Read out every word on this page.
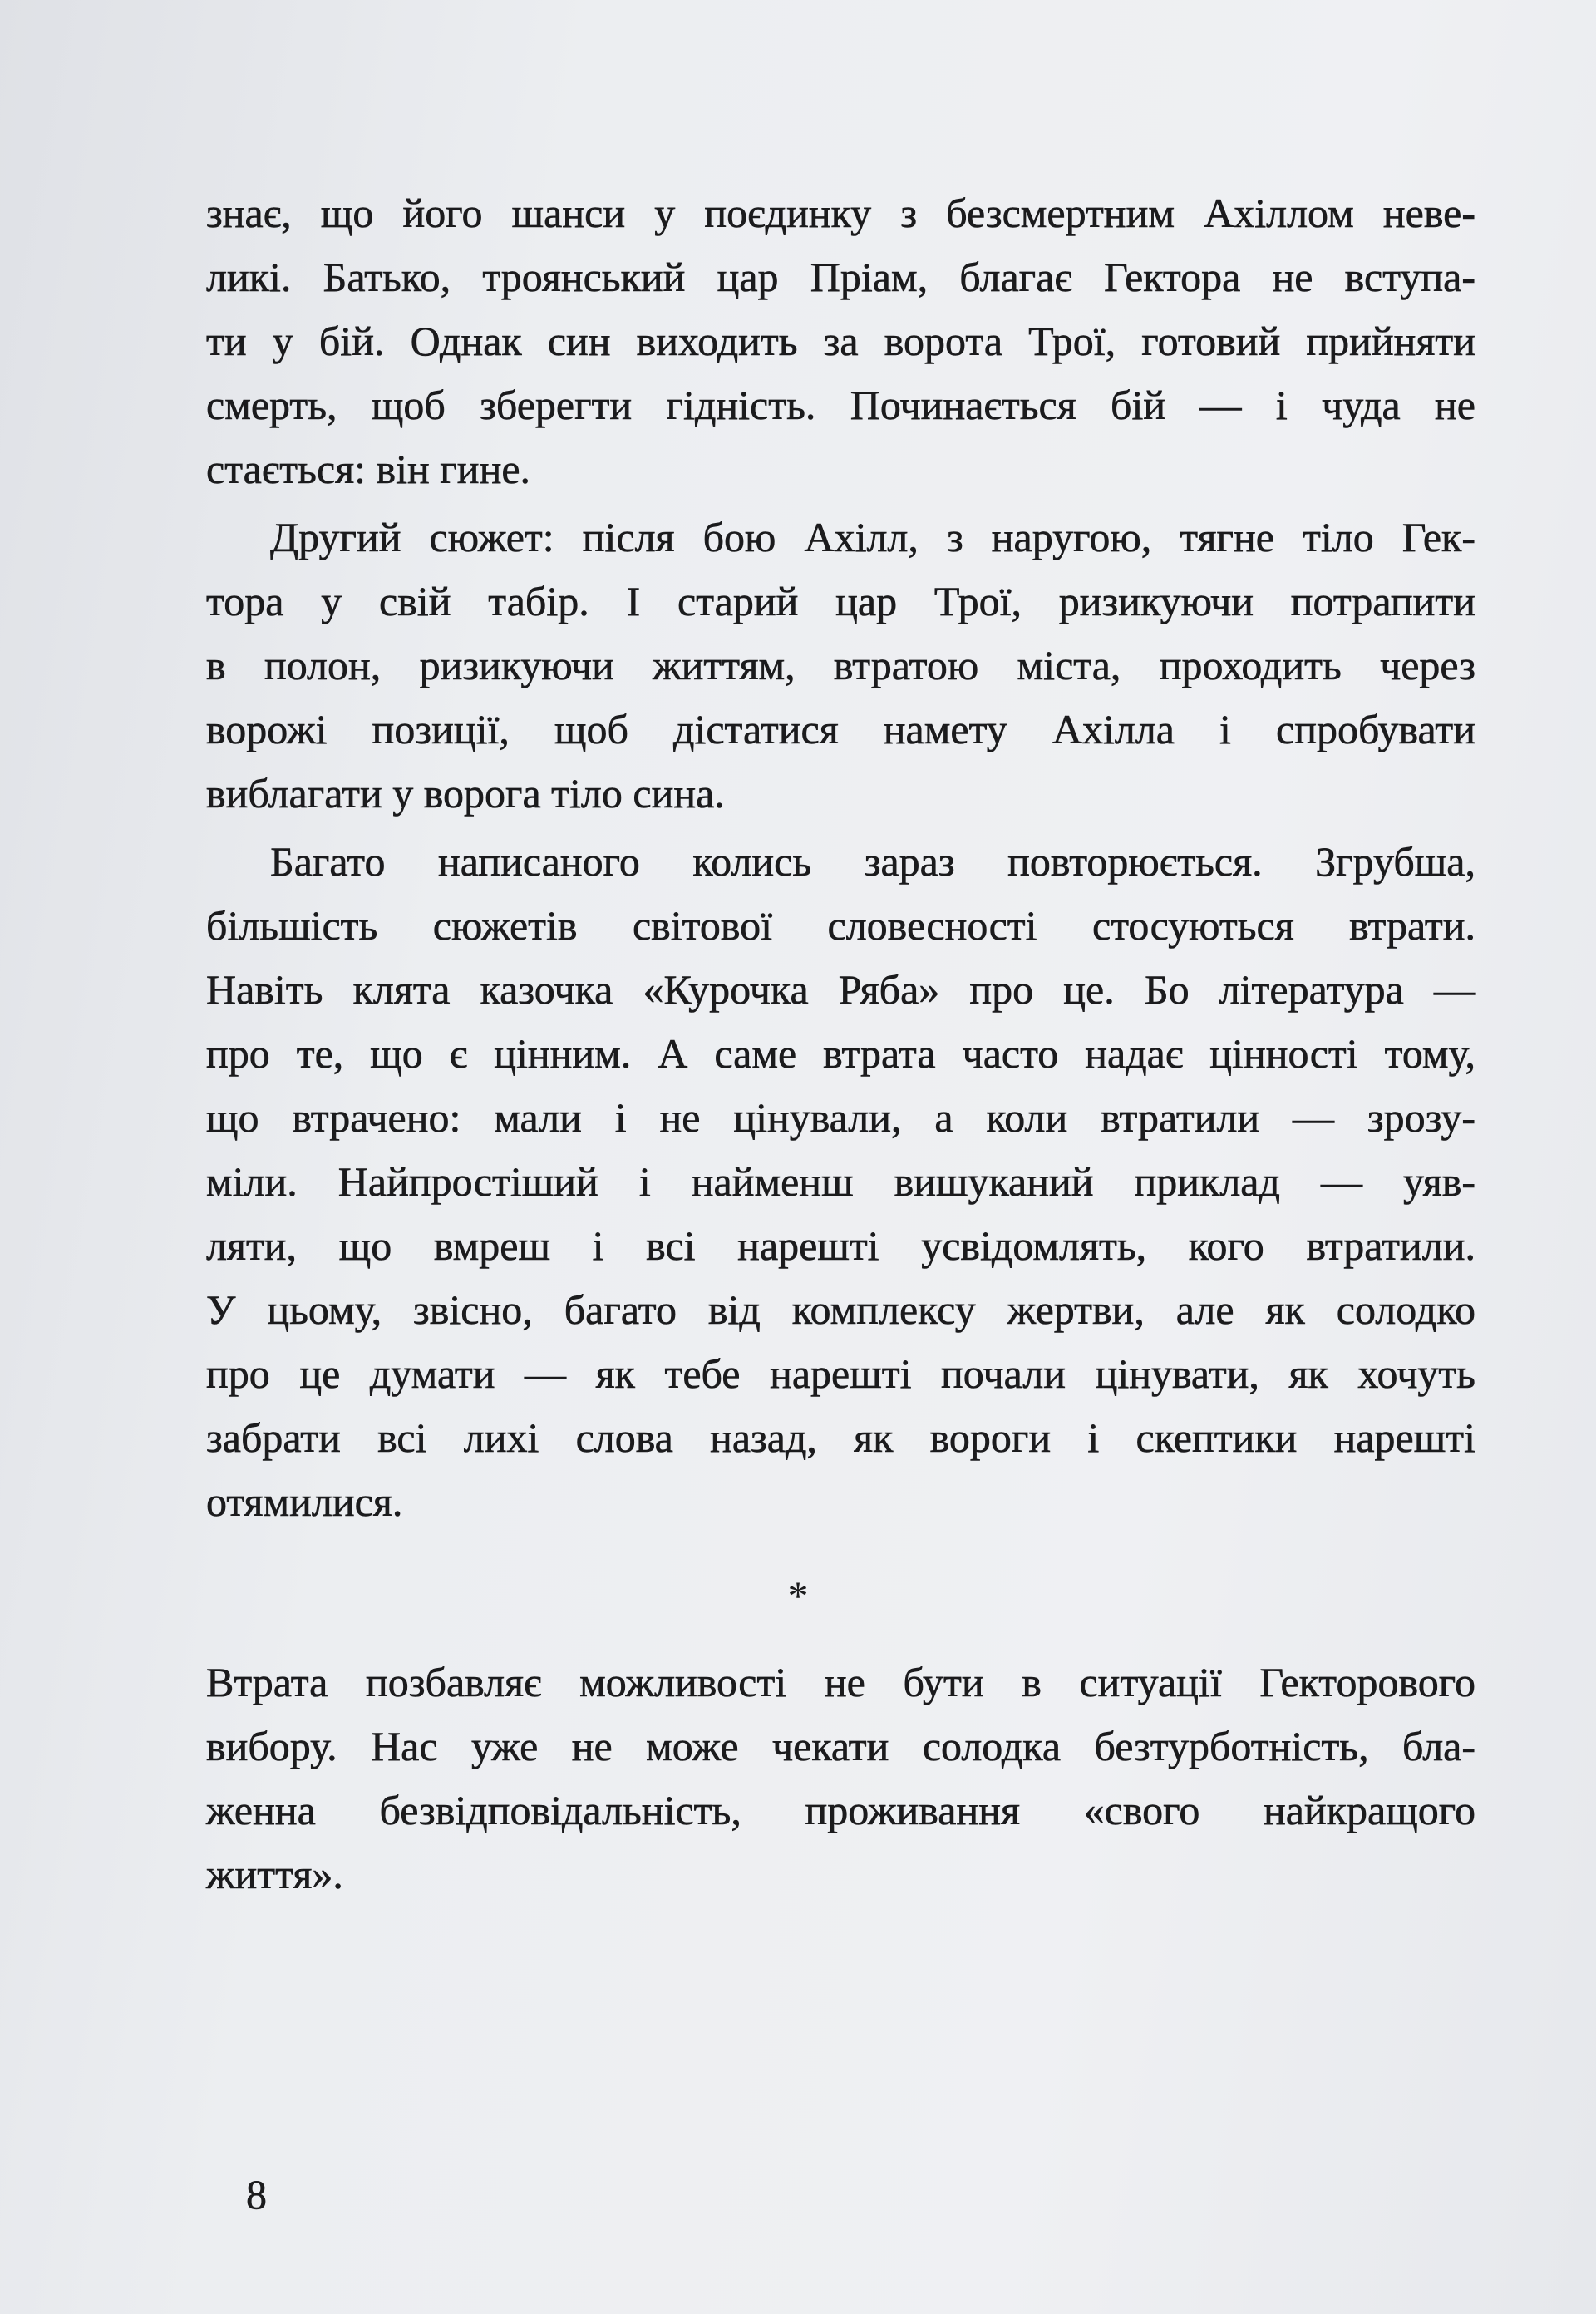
знає, що його шанси у поєдинку з безсмертним Ахіллом неве-
ликі. Батько, троянський цар Пріам, благає Гектора не вступа-
ти у бій. Однак син виходить за ворота Трої, готовий прийняти
смерть, щоб зберегти гідність. Починається бій — і чуда не
стається: він гине.
Другий сюжет: після бою Ахілл, з наругою, тягне тіло Гек-
тора у свій табір. І старий цар Трої, ризикуючи потрапити
в полон, ризикуючи життям, втратою міста, проходить через
ворожі позиції, щоб дістатися намету Ахілла і спробувати
виблагати у ворога тіло сина.
Багато написаного колись зараз повторюється. Згрубша,
більшість сюжетів світової словесності стосуються втрати.
Навіть клята казочка «Курочка Ряба» про це. Бо література —
про те, що є цінним. А саме втрата часто надає цінності тому,
що втрачено: мали і не цінували, а коли втратили — зрозу-
міли. Найпростіший і найменш вишуканий приклад — уяв-
ляти, що вмреш і всі нарешті усвідомлять, кого втратили.
У цьому, звісно, багато від комплексу жертви, але як солодко
про це думати — як тебе нарешті почали цінувати, як хочуть
забрати всі лихі слова назад, як вороги і скептики нарешті
отямилися.
*
Втрата позбавляє можливості не бути в ситуації Гекторового
вибору. Нас уже не може чекати солодка безтурботність, бла-
женна безвідповідальність, проживання «свого найкращого
життя».
8
